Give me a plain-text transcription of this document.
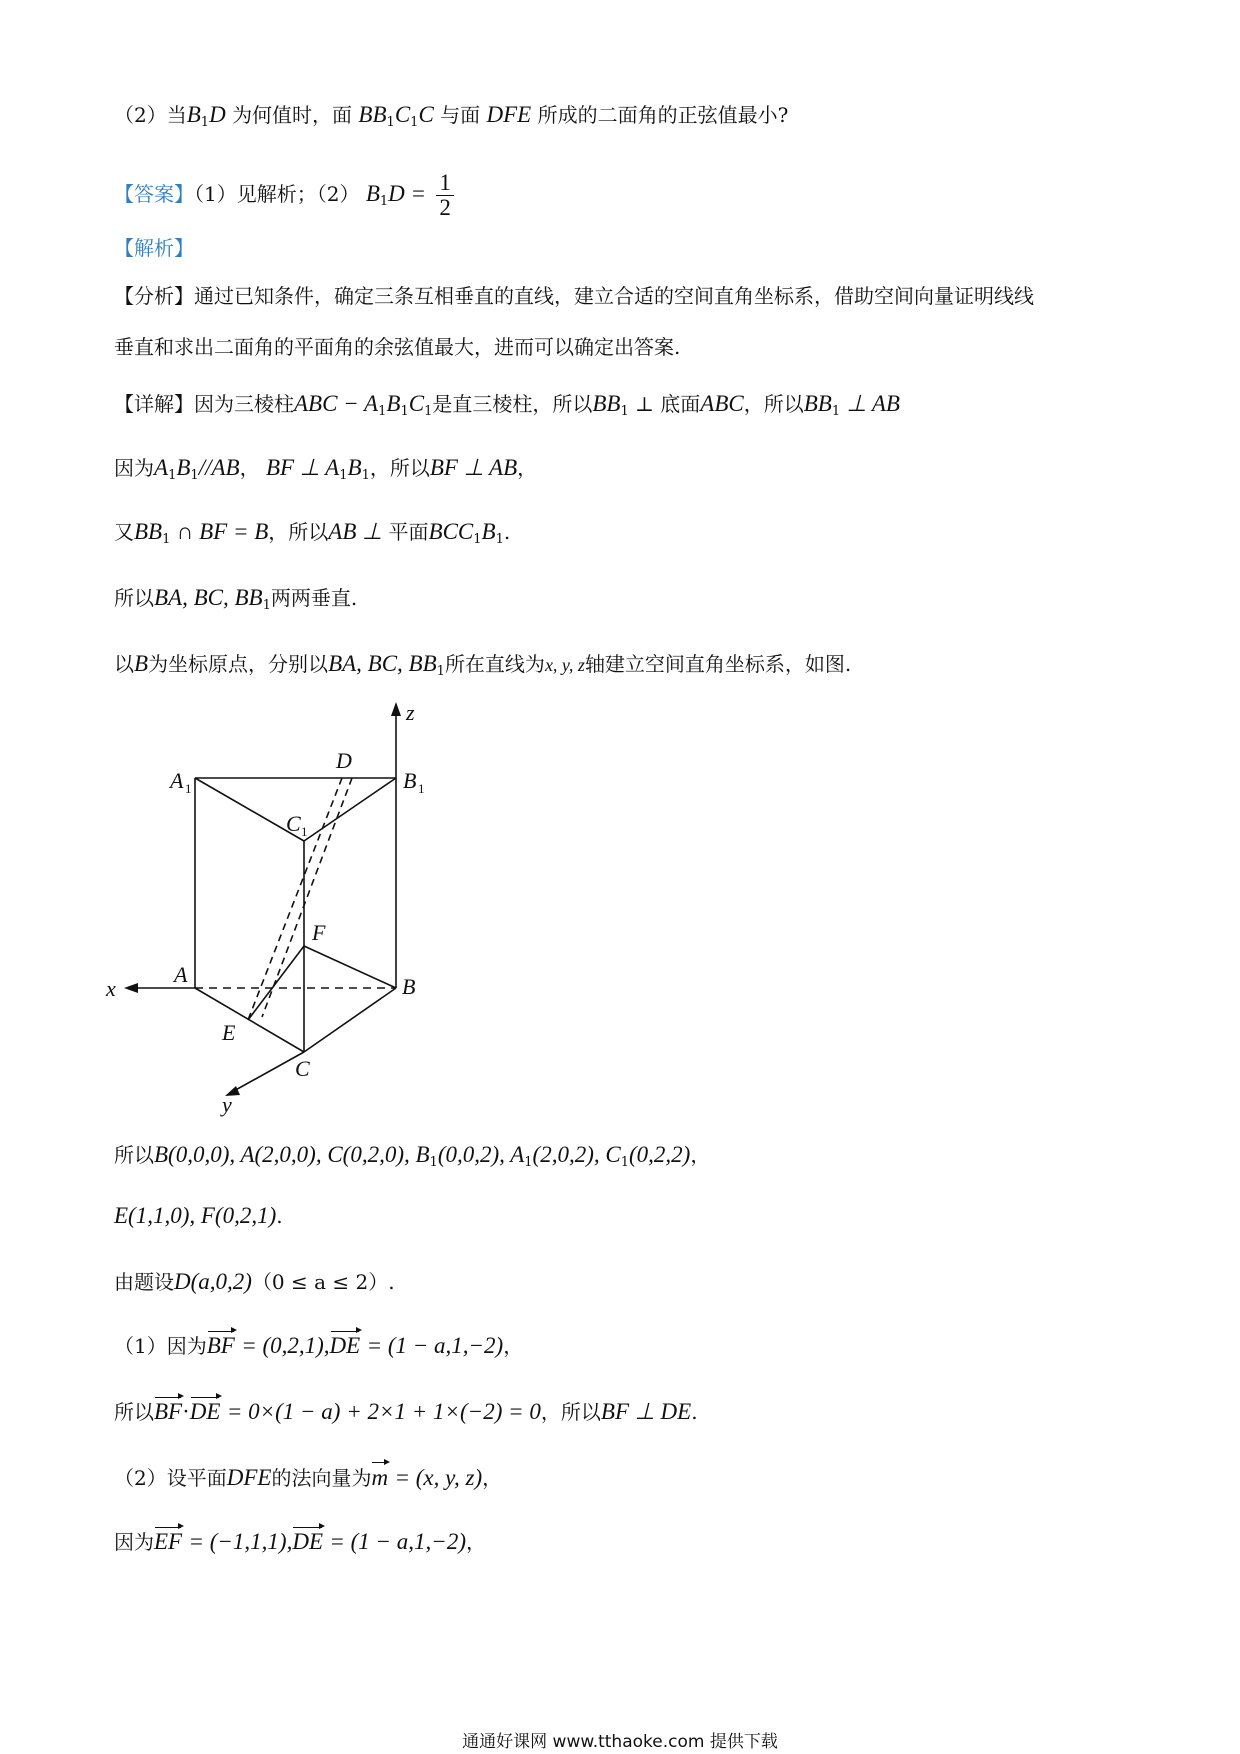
（2）当$B_1D$ 为何值时，面 $BB_1C_1C$ 与面 DFE 所成的二面角的正弦值最小?
【答案】（1）见解析；（2） $B_1D = \frac{1}{2}$
【解析】
【分析】通过已知条件，确定三条互相垂直的直线，建立合适的空间直角坐标系，借助空间向量证明线线
垂直和求出二面角的平面角的余弦值最大，进而可以确定出答案.
【详解】因为三棱柱ABC − $A_1B_1C_1$是直三棱柱，所以$BB_1$ ⊥ 底面ABC，所以$BB_1$ ⊥ AB
因为$A_1B_1//AB$， BF ⊥ $A_1B_1$，所以BF ⊥ AB，
又$BB_1$ ∩ BF = B，所以AB ⊥ 平面$BCC_1B_1$.
所以BA, BC, $BB_1$两两垂直.
以B为坐标原点，分别以BA, BC, $BB_1$所在直线为x, y, z轴建立空间直角坐标系，如图.
z
x
y
A 1	B 1
C 1
D
F
A	B
E
C
所以B(0,0,0), A(2,0,0), C(0,2,0), $B_1(0,0,2)$, $A_1(2,0,2)$, $C_1(0,2,2)$，
E(1,1,0), F(0,2,1).
由题设D(a,0,2)（0 ≤ a ≤ 2）.
（1）因为BF = (0,2,1),DE = (1 − a,1,−2)，
所以BF·DE = 0×(1 − a) + 2×1 + 1×(−2) = 0，所以BF ⊥ DE.
（2）设平面DFE的法向量为m = (x, y, z)，
因为EF = (−1,1,1),DE = (1 − a,1,−2)，
通通好课网 www.tthaoke.com 提供下载
